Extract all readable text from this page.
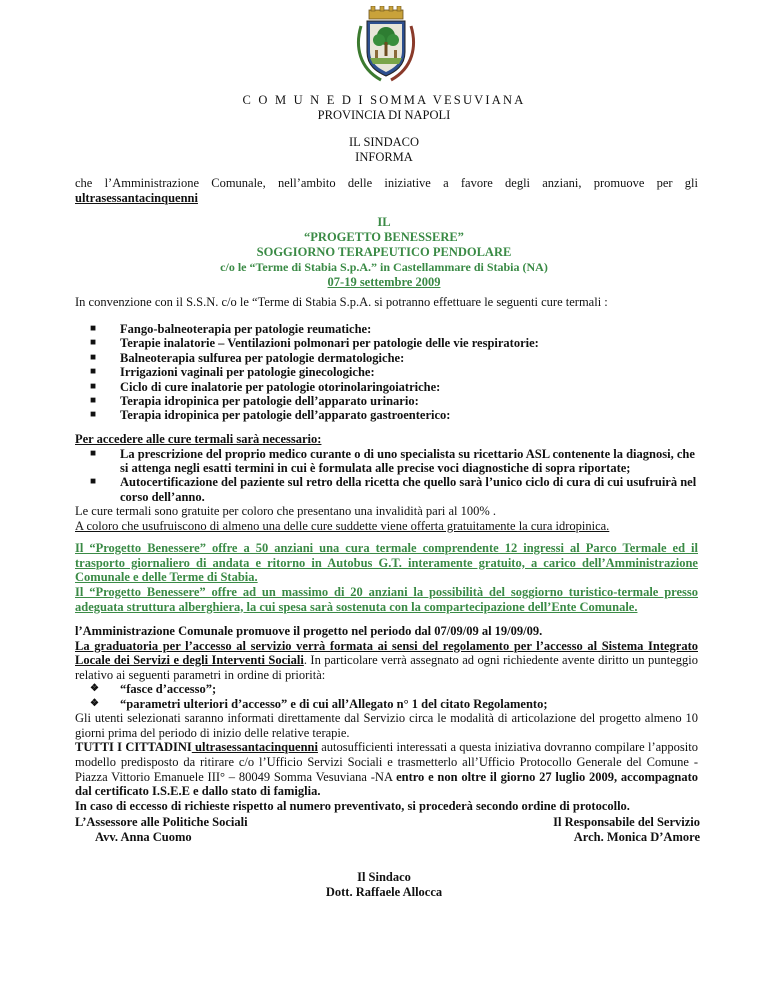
C O M U N E D I SOMMA VESUVIANA
PROVINCIA DI NAPOLI
IL SINDACO
INFORMA
che l’Amministrazione Comunale, nell’ambito delle iniziative a favore degli anziani, promuove per gli ultrasessantacinquenni
IL
“PROGETTO BENESSERE”
SOGGIORNO TERAPEUTICO PENDOLARE
c/o le “Terme di Stabia S.p.A.” in Castellammare di Stabia (NA)
07-19 settembre 2009
In convenzione con il S.S.N. c/o le “Terme di Stabia S.p.A. si potranno effettuare le seguenti cure termali :
■ Fango-balneoterapia per patologie reumatiche:
■ Terapie inalatorie – Ventilazioni polmonari per patologie delle vie respiratorie:
■ Balneoterapia sulfurea per patologie dermatologiche:
■ Irrigazioni vaginali per patologie ginecologiche:
■ Ciclo di cure inalatorie per patologie otorinolaringoiatriche:
■ Terapia idropinica per patologie dell’apparato urinario:
■ Terapia idropinica per patologie dell’apparato gastroenterico:
Per accedere alle cure termali sarà necessario:
■ La prescrizione del proprio medico curante o di uno specialista su ricettario ASL contenente la diagnosi, che si attenga negli esatti termini in cui è formulata alle precise voci diagnostiche di sopra riportate;
■ Autocertificazione del paziente sul retro della ricetta che quello sarà l’unico ciclo di cura di cui usufruirà nel corso dell’anno.
Le cure termali sono gratuite per coloro che presentano una invalidità pari al 100% .
A coloro che usufruiscono di almeno una delle cure suddette viene offerta gratuitamente la cura idropinica.
Il “Progetto Benessere” offre a 50 anziani una cura termale comprendente 12 ingressi al Parco Termale ed il trasporto giornaliero di andata e ritorno in Autobus G.T. interamente gratuito, a carico dell’Amministrazione Comunale e delle Terme di Stabia.
Il “Progetto Benessere” offre ad un massimo di 20 anziani la possibilità del soggiorno turistico-termale presso adeguata struttura alberghiera, la cui spesa sarà sostenuta con la compartecipazione dell’Ente Comunale.
l’Amministrazione Comunale promuove il progetto nel periodo dal 07/09/09 al 19/09/09.
La graduatoria per l’accesso al servizio verrà formata ai sensi del regolamento per l’accesso al Sistema Integrato Locale dei Servizi e degli Interventi Sociali. In particolare verrà assegnato ad ogni richiedente avente diritto un punteggio relativo ai seguenti parametri in ordine di priorità:
❖ “fasce d’accesso”;
❖ “parametri ulteriori d’accesso” e di cui all’Allegato n° 1 del citato Regolamento;
Gli utenti selezionati saranno informati direttamente dal Servizio circa le modalità di articolazione del progetto almeno 10 giorni prima del periodo di inizio delle relative terapie.
TUTTI I CITTADINI ultrasessantacinquenni autosufficienti interessati a questa iniziativa dovranno compilare l’apposito modello predisposto da ritirare c/o l’Ufficio Servizi Sociali e trasmetterlo all’Ufficio Protocollo Generale del Comune - Piazza Vittorio Emanuele III° – 80049 Somma Vesuviana -NA entro e non oltre il giorno 27 luglio 2009, accompagnato dal certificato I.S.E.E e dallo stato di famiglia.
In caso di eccesso di richieste rispetto al numero preventivato, si procederà secondo ordine di protocollo.
L’Assessore alle Politiche Sociali
Avv. Anna Cuomo
Il Responsabile del Servizio
Arch. Monica D’Amore
Il Sindaco
Dott. Raffaele Allocca
